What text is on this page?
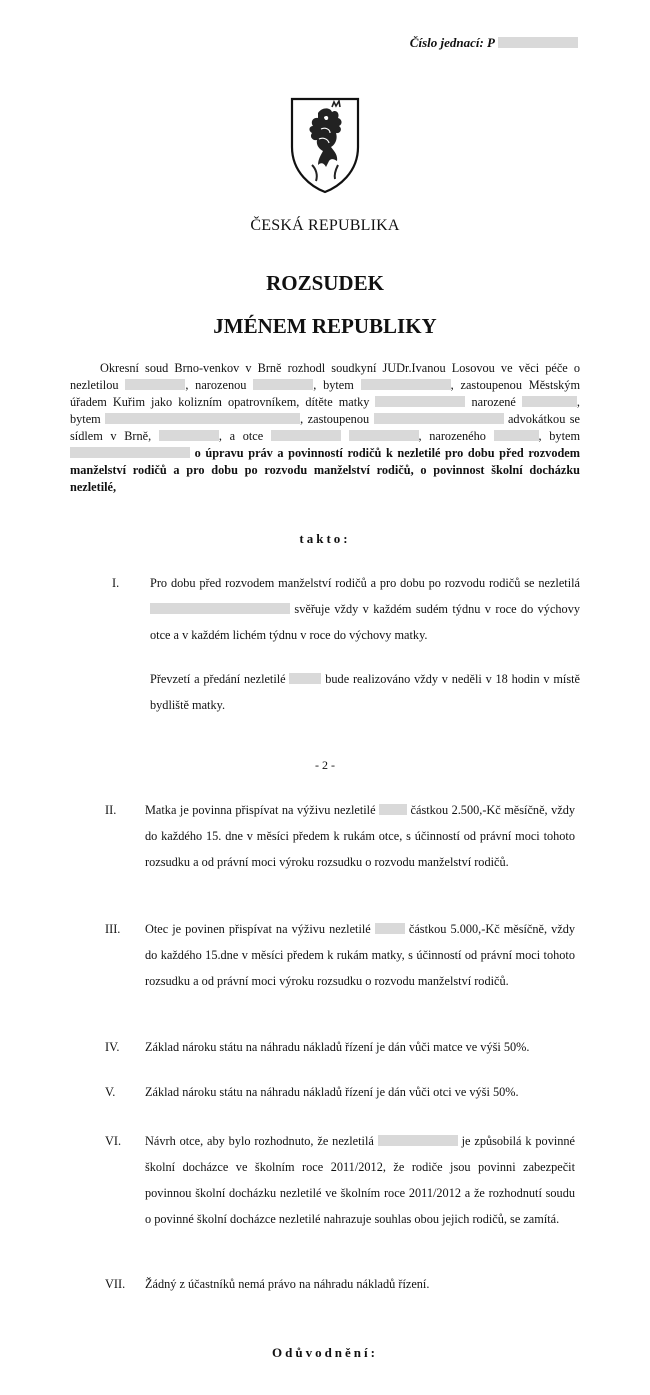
Číslo jednací: P
ČESKÁ REPUBLIKA
ROZSUDEK
JMÉNEM REPUBLIKY
Okresní soud Brno-venkov v Brně rozhodl soudkyní JUDr.Ivanou Losovou ve věci péče o nezletilou	, narozenou	, bytem	, zastoupenou Městským úřadem Kuřim jako kolizním opatrovníkem, dítěte matky	narozené	, bytem	, zastoupenou	advokátkou se sídlem v Brně,	, a otce	, narozeného	, bytem  o úpravu práv a povinností rodičů k nezletilé pro dobu před rozvodem manželství rodičů a pro dobu po rozvodu manželství rodičů, o povinnost školní docházku nezletilé,
takto:
I.	Pro dobu před rozvodem manželství rodičů a pro dobu po rozvodu rodičů se nezletilá  svěřuje vždy v každém sudém týdnu v roce do výchovy otce a v každém lichém týdnu v roce do výchovy matky.
Převzetí a předání nezletilé	bude realizováno vždy v neděli v 18 hodin v místě bydliště matky.
- 2 -
II. Matka je povinna přispívat na výživu nezletilé	částkou 2.500,-Kč měsíčně, vždy do každého 15. dne v měsíci předem k rukám otce, s účinností od právní moci tohoto rozsudku a od právní moci výroku rozsudku o rozvodu manželství rodičů.
III. Otec je povinen přispívat na výživu nezletilé	částkou 5.000,-Kč měsíčně, vždy do každého 15.dne v měsíci předem k rukám matky, s účinností od právní moci tohoto rozsudku a od právní moci výroku rozsudku o rozvodu manželství rodičů.
IV. Základ nároku státu na náhradu nákladů řízení je dán vůči matce ve výši 50%.
V. Základ nároku státu na náhradu nákladů řízení je dán vůči otci ve výši 50%.
VI. Návrh otce, aby bylo rozhodnuto, že nezletilá	je způsobilá k povinné školní docházce ve školním roce 2011/2012, že rodiče jsou povinni zabezpečit povinnou školní docházku nezletilé ve školním roce 2011/2012 a že rozhodnutí soudu o povinné školní docházce nezletilé nahrazuje souhlas obou jejich rodičů, se zamítá.
VII. Žádný z účastníků nemá právo na náhradu nákladů řízení.
Odůvodnění:
